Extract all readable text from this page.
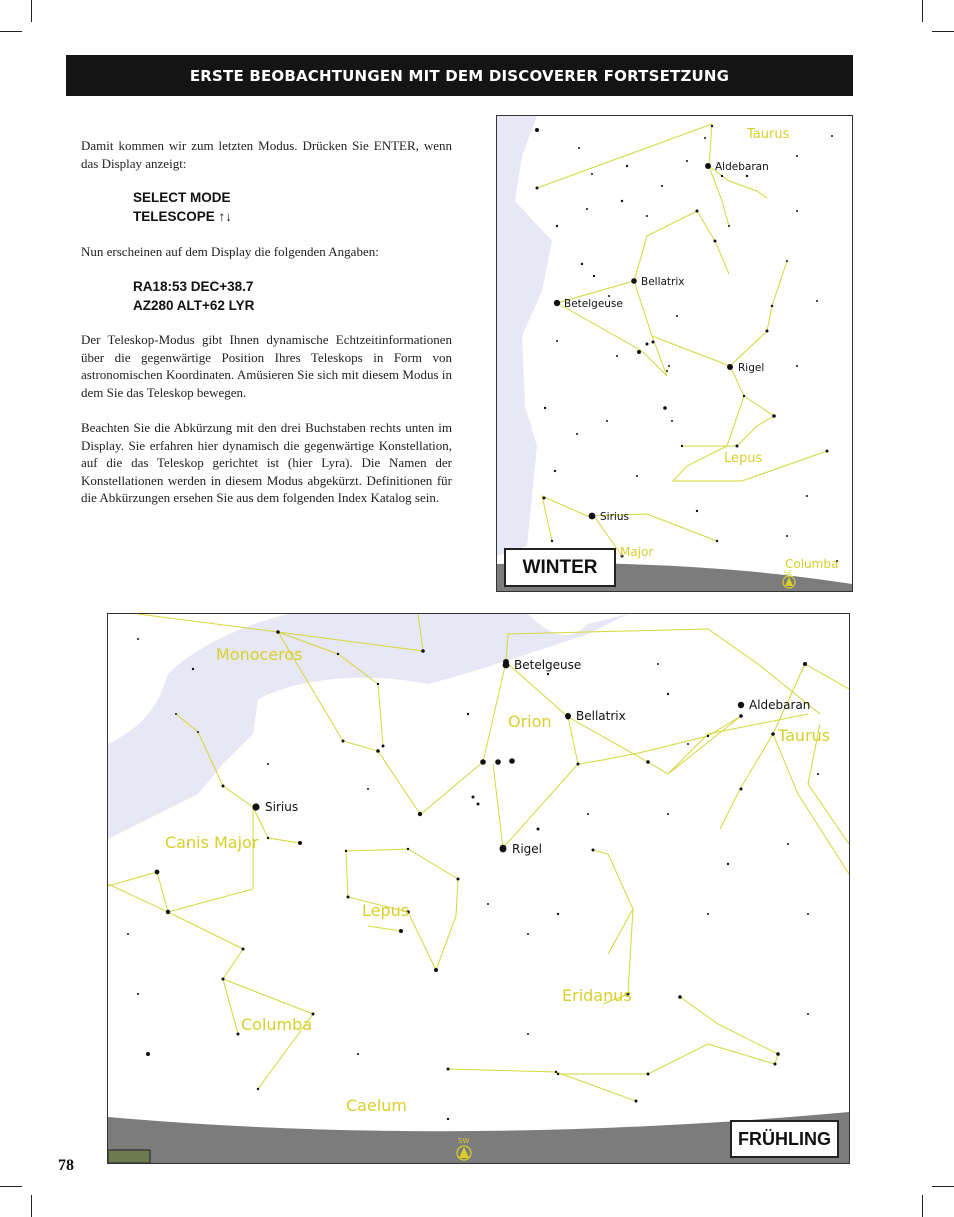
ERSTE BEOBACHTUNGEN MIT DEM DISCOVERER FORTSETZUNG

Damit kommen wir zum letzten Modus. Drücken Sie ENTER, wenn das Display anzeigt:

SELECT MODE
TELESCOPE ↑↓

Nun erscheinen auf dem Display die folgenden Angaben:

RA18:53 DEC+38.7
AZ280 ALT+62 LYR

Der Teleskop-Modus gibt Ihnen dynamische Echtzeitinformationen über die gegenwärtige Position Ihres Teleskops in Form von astronomischen Koordinaten. Amüsieren Sie sich mit diesem Modus in dem Sie das Teleskop bewegen.

Beachten Sie die Abkürzung mit den drei Buchstaben rechts unten im Display. Sie erfahren hier dynamisch die gegenwärtige Konstellation, auf die das Teleskop gerichtet ist (hier Lyra). Die Namen der Konstellationen werden in diesem Modus abgekürzt. Definitionen für die Abkürzungen ersehen Sie aus dem folgenden Index Katalog sein.

Aldebaran
Bellatrix
Betelgeuse
Rigel
Sirius
Taurus
Lepus
Major
Columba
SE
WINTER
Betelgeuse
Bellatrix
Aldebaran
Sirius
Rigel
Monoceros
Orion
Taurus
Canis Major
Lepus
Eridanus
Columba
Caelum
SW	FRÜHLING
78
